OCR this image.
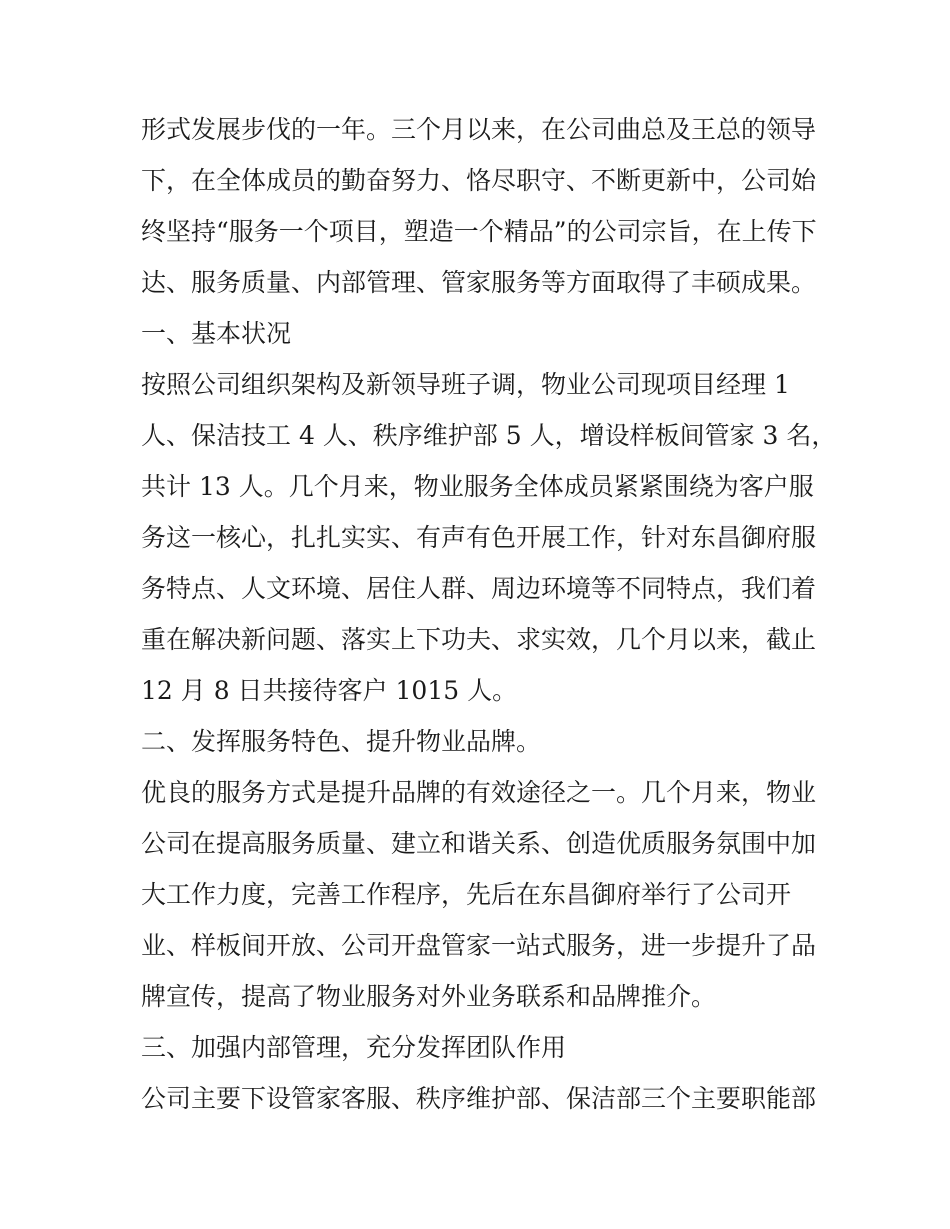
形式发展步伐的一年。三个月以来，在公司曲总及王总的领导
下，在全体成员的勤奋努力、恪尽职守、不断更新中，公司始
终坚持“服务一个项目，塑造一个精品”的公司宗旨，在上传下
达、服务质量、内部管理、管家服务等方面取得了丰硕成果。
一、基本状况
按照公司组织架构及新领导班子调，物业公司现项目经理 1
人、保洁技工 4 人、秩序维护部 5 人，增设样板间管家 3 名，
共计 13 人。几个月来，物业服务全体成员紧紧围绕为客户服
务这一核心，扎扎实实、有声有色开展工作，针对东昌御府服
务特点、人文环境、居住人群、周边环境等不同特点，我们着
重在解决新问题、落实上下功夫、求实效，几个月以来，截止
12 月 8 日共接待客户 1015 人。
二、发挥服务特色、提升物业品牌。
优良的服务方式是提升品牌的有效途径之一。几个月来，物业
公司在提高服务质量、建立和谐关系、创造优质服务氛围中加
大工作力度，完善工作程序，先后在东昌御府举行了公司开
业、样板间开放、公司开盘管家一站式服务，进一步提升了品
牌宣传，提高了物业服务对外业务联系和品牌推介。
三、加强内部管理，充分发挥团队作用
公司主要下设管家客服、秩序维护部、保洁部三个主要职能部
